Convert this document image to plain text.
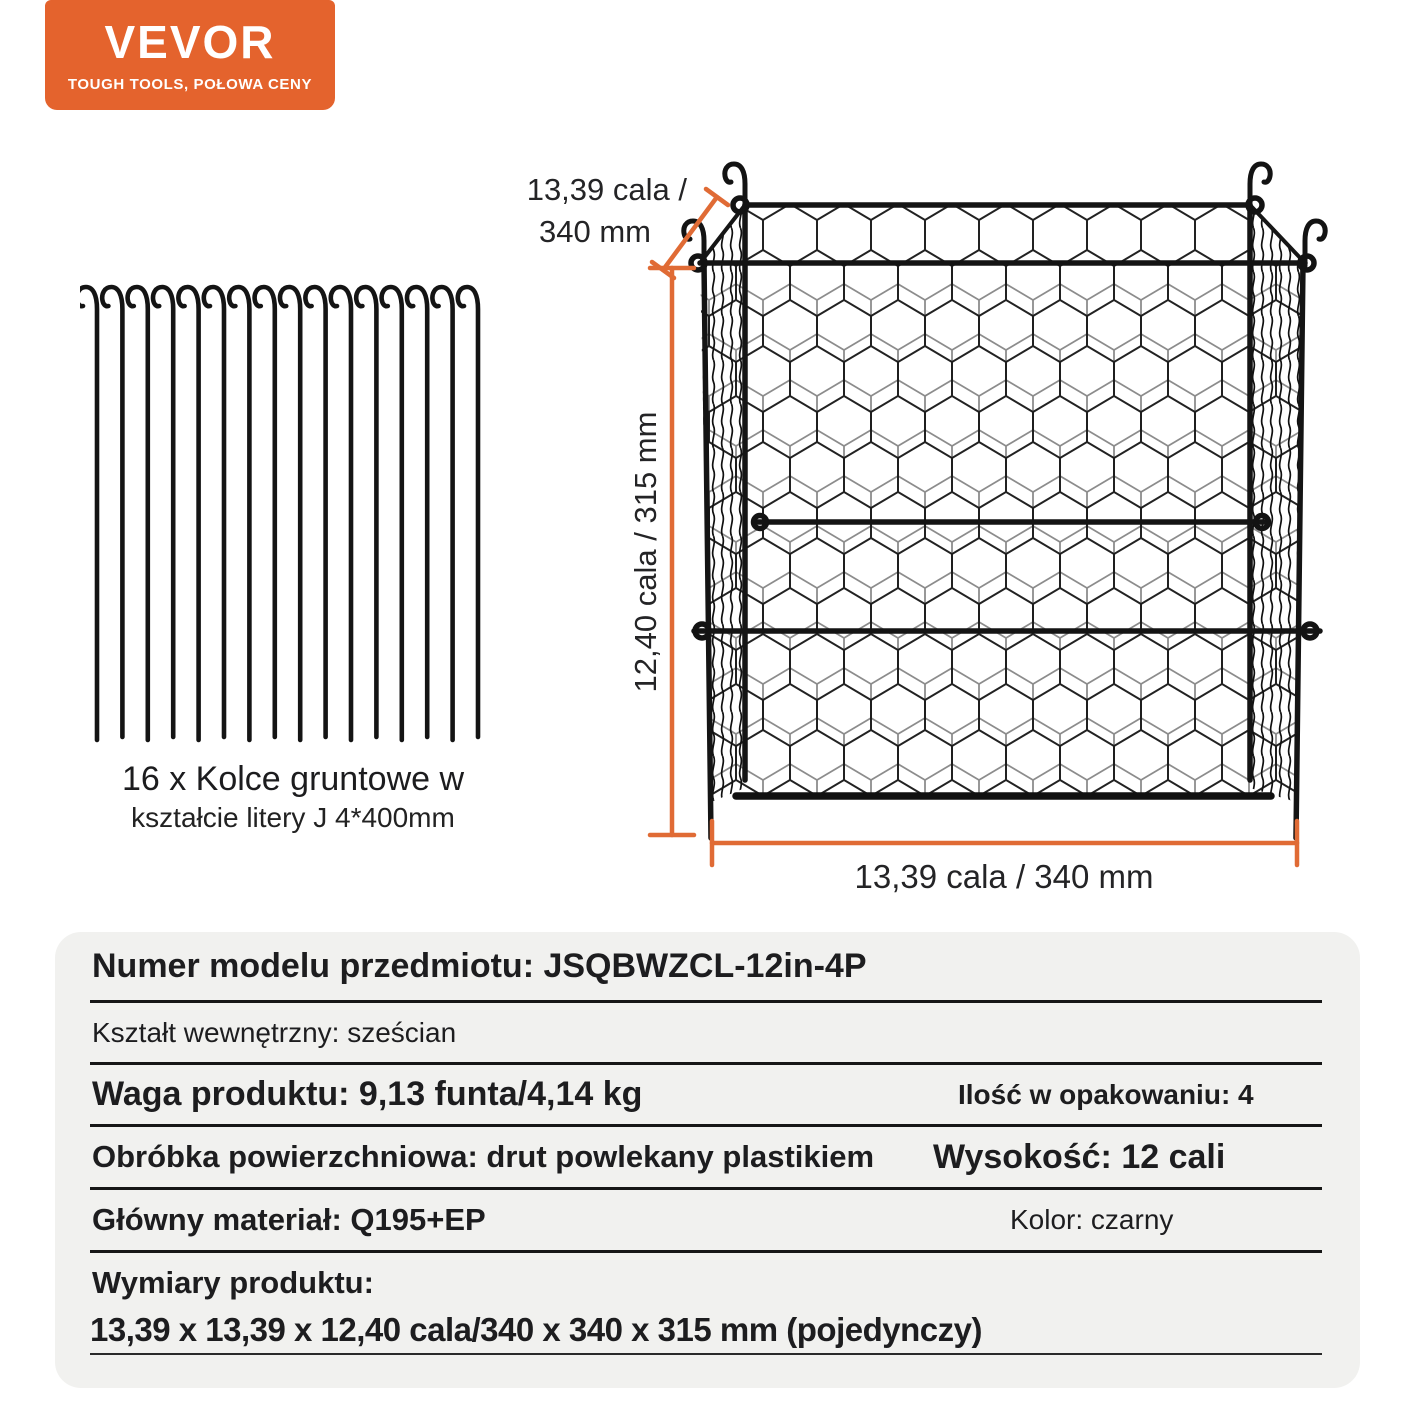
VEVOR
TOUGH TOOLS, POŁOWA CENY
16 x Kolce gruntowe w
kształcie litery J 4*400mm
13,39 cala /
340 mm
12,40 cala / 315 mm
13,39 cala / 340 mm
Numer modelu przedmiotu: JSQBWZCL-12in-4P
Kształt wewnętrzny: sześcian
Waga produktu: 9,13 funta/4,14 kg	Ilość w opakowaniu: 4
Obróbka powierzchniowa: drut powlekany plastikiem Wysokość: 12 cali
Główny materiał: Q195+EP	Kolor: czarny
Wymiary produktu:
13,39 x 13,39 x 12,40 cala/340 x 340 x 315 mm (pojedynczy)
